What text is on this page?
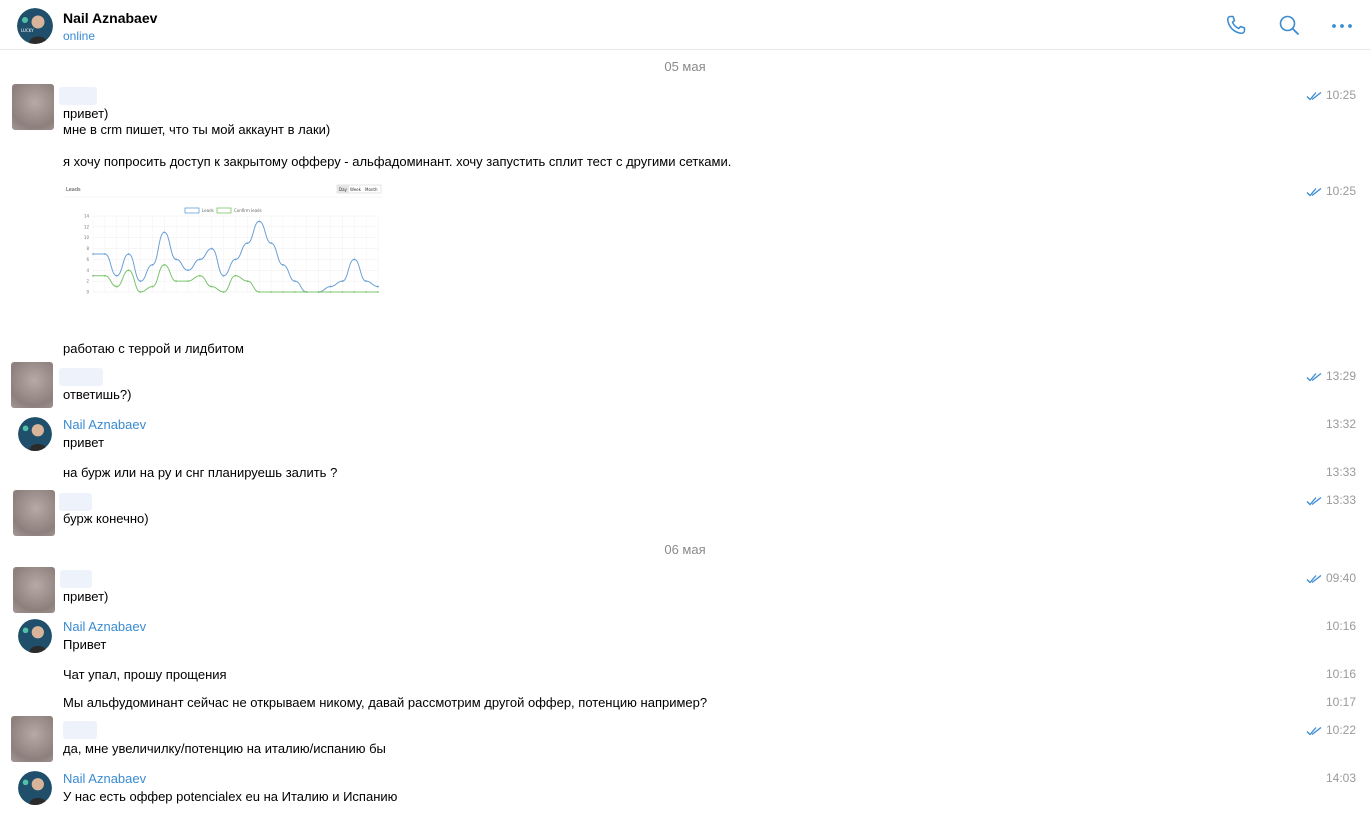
LUCKY
Nail Aznabaev
online
05 мая
10:25
привет)
мне в crm пишет, что ты мой аккаунт в лаки)
я хочу попросить доступ к закрытому офферу - альфадоминант. хочу запустить сплит тест с другими сетками.
10:25
Leads	Day Week Month
Leads	Confirm leads
0
2
4
6
8
10
12
14
работаю с террой и лидбитом
13:29
ответишь?)
Nail Aznabaev	13:32
привет
на бурж или на ру и снг планируешь залить ?	13:33
13:33
бурж конечно)
06 мая
09:40
привет)
Nail Aznabaev	10:16
Привет
Чат упал, прошу прощения	10:16
Мы альфудоминант сейчас не открываем никому, давай рассмотрим другой оффер, потенцию например?	10:17
10:22
да, мне увеличилку/потенцию на италию/испанию бы
Nail Aznabaev	14:03
У нас есть оффер potencialex eu на Италию и Испанию
